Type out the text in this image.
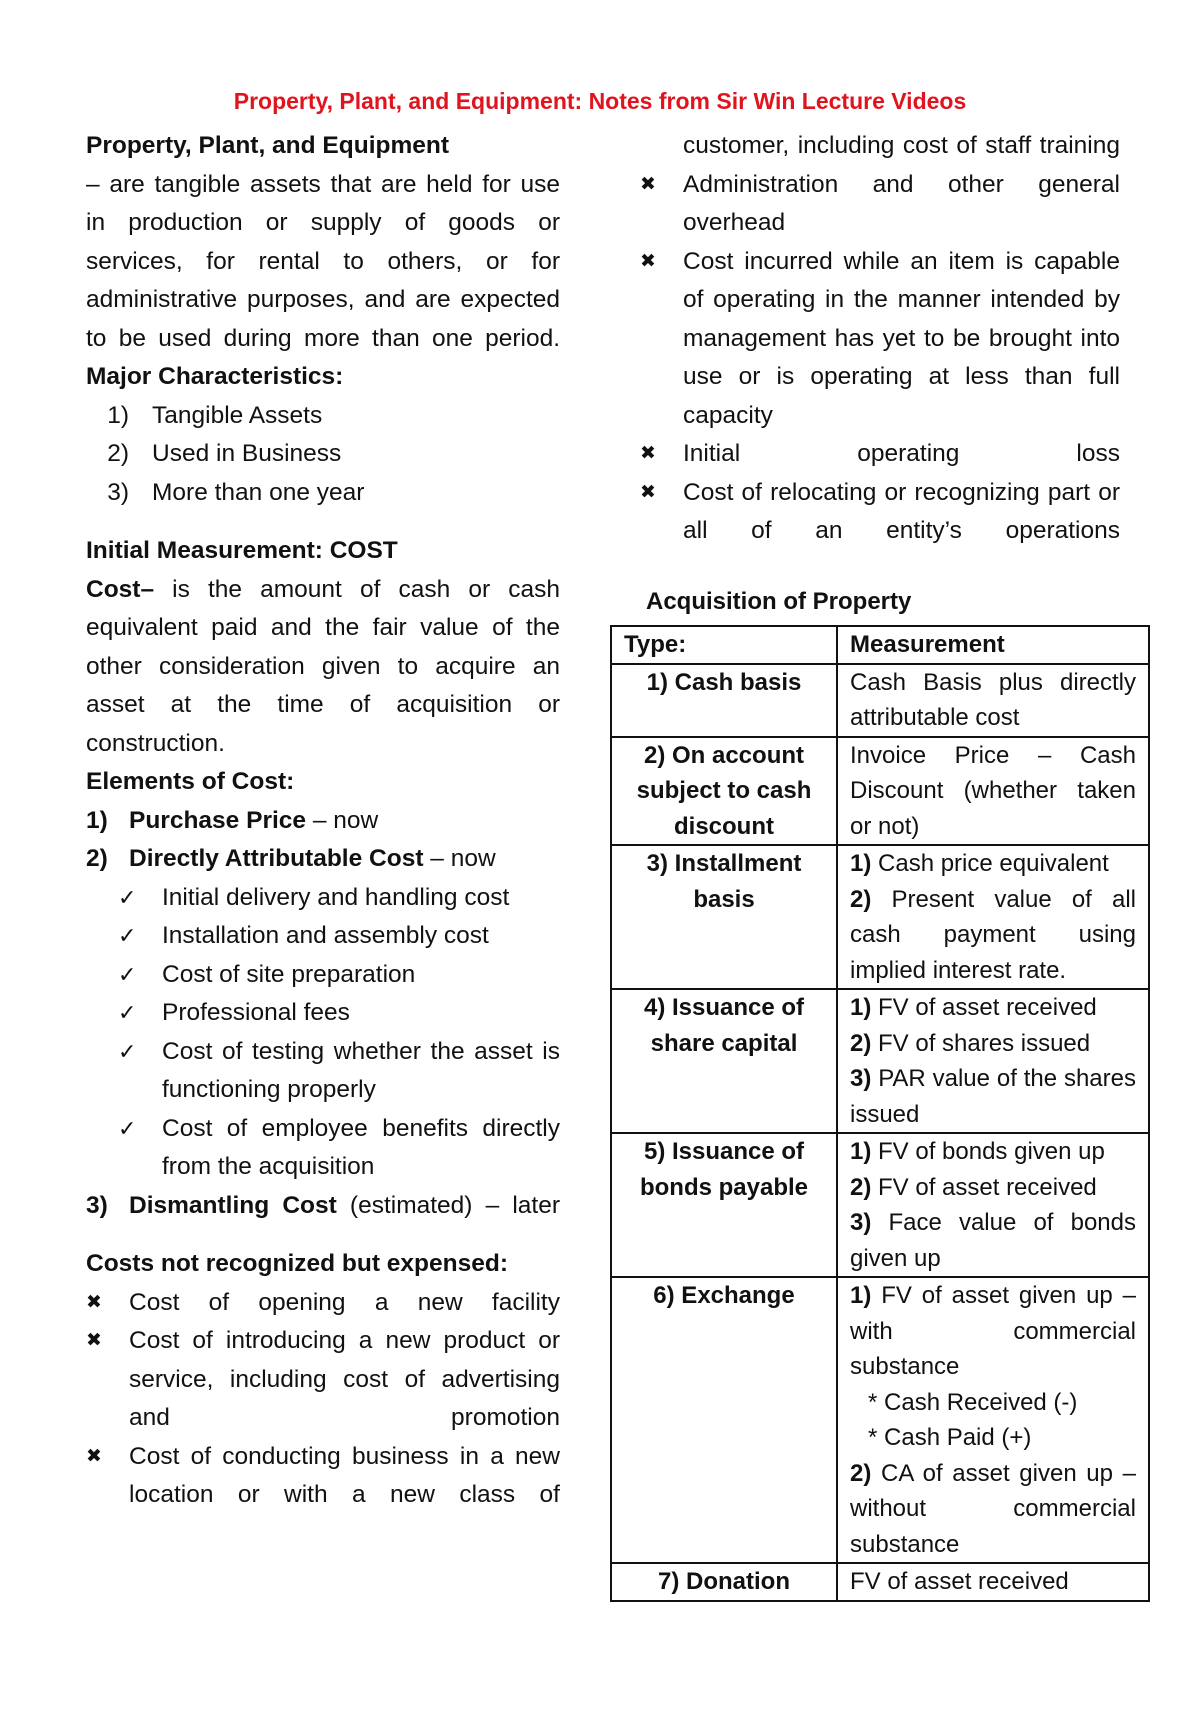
Property, Plant, and Equipment: Notes from Sir Win Lecture Videos
Property, Plant, and Equipment
– are tangible assets that are held for use in production or supply of goods or services, for rental to others, or for administrative purposes, and are expected to be used during more than one period.
Major Characteristics:
1) Tangible Assets
2) Used in Business
3) More than one year
Initial Measurement: COST
Cost– is the amount of cash or cash equivalent paid and the fair value of the other consideration given to acquire an asset at the time of acquisition or construction.
Elements of Cost:
1) Purchase Price – now
2) Directly Attributable Cost – now
✓	Initial delivery and handling cost
✓	Installation and assembly cost
✓	Cost of site preparation
✓	Professional fees
✓	Cost of testing whether the asset is functioning properly
✓	Cost of employee benefits directly from the acquisition
3) Dismantling Cost (estimated) – later
Costs not recognized but expensed:
✖	Cost of opening a new facility
✖	Cost of introducing a new product or service, including cost of advertising and promotion
✖	Cost of conducting business in a new location or with a new class of
customer, including cost of staff training
✖	Administration and other general overhead
✖	Cost incurred while an item is capable of operating in the manner intended by management has yet to be brought into use or is operating at less than full capacity
✖	Initial operating loss
✖	Cost of relocating or recognizing part or all of an entity’s operations
Acquisition of Property
Type:	Measurement
1) Cash basis	Cash Basis plus directly attributable cost

2) On account subject to cash discount	Invoice Price – Cash Discount (whether taken or not)

3) Installment basis	1) Cash price equivalent
2) Present value of all cash payment using implied interest rate.

4) Issuance of share capital	1) FV of asset received
2) FV of shares issued
3) PAR value of the shares issued

5) Issuance of bonds payable	1) FV of bonds given up
2) FV of asset received
3) Face value of bonds given up

6) Exchange	1) FV of asset given up – with commercial substance
* Cash Received (-)
* Cash Paid (+)
2) CA of asset given up – without commercial substance

7) Donation	FV of asset received
